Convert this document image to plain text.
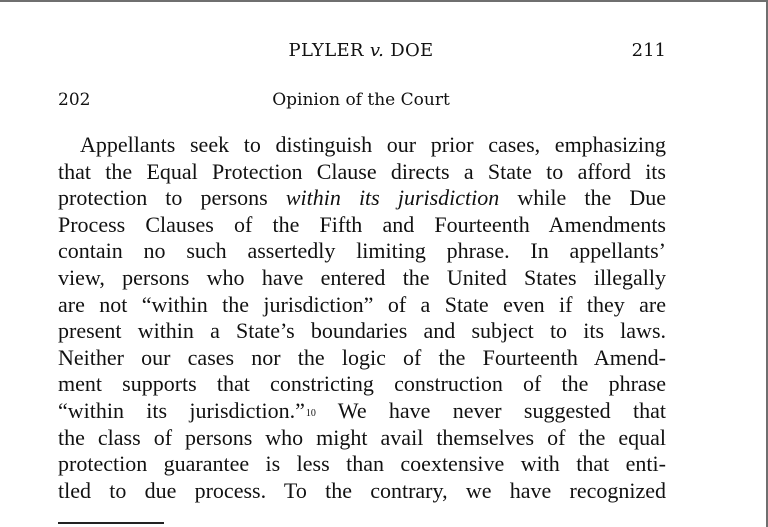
PLYLER v. DOE	211
202	Opinion of the Court
Appellants seek to distinguish our prior cases, emphasizing
that the Equal Protection Clause directs a State to afford its
protection to persons within its jurisdiction while the Due
Process Clauses of the Fifth and Fourteenth Amendments
contain no such assertedly limiting phrase. In appellants’
view, persons who have entered the United States illegally
are not “within the jurisdiction” of a State even if they are
present within a State’s boundaries and subject to its laws.
Neither our cases nor the logic of the Fourteenth Amend-
ment supports that constricting construction of the phrase
“within its jurisdiction.”$^{10}$ We have never suggested that
the class of persons who might avail themselves of the equal
protection guarantee is less than coextensive with that enti-
tled to due process. To the contrary, we have recognized
